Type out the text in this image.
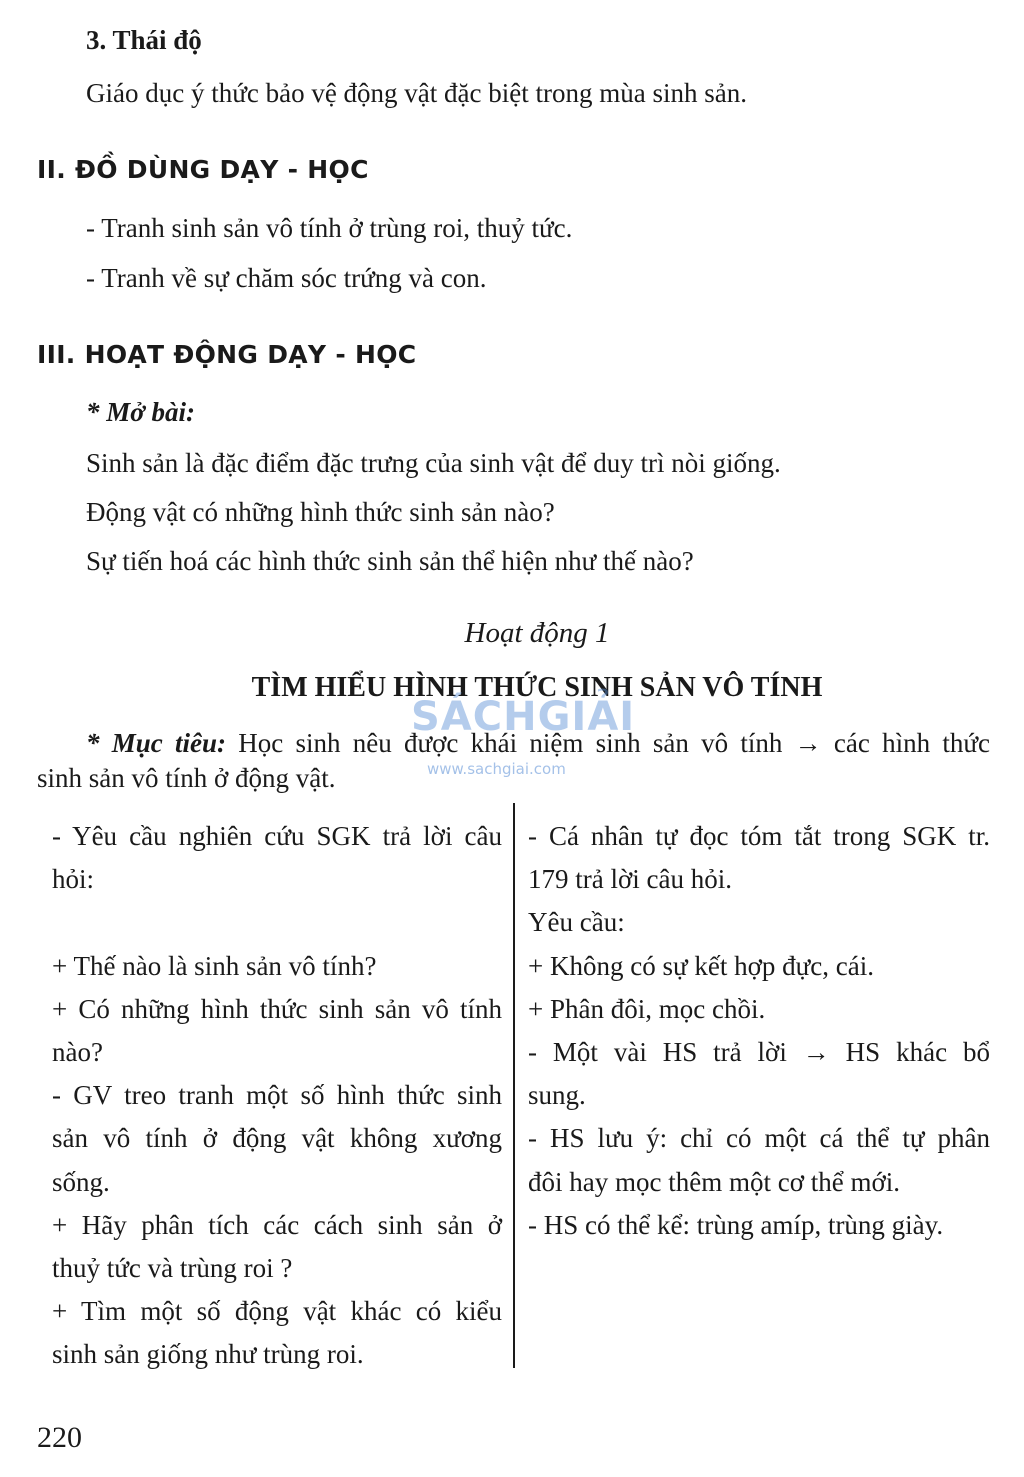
3. Thái độ
Giáo dục ý thức bảo vệ động vật đặc biệt trong mùa sinh sản.
II. ĐỒ DÙNG DẠY - HỌC
- Tranh sinh sản vô tính ở trùng roi, thuỷ tức.
- Tranh về sự chăm sóc trứng và con.
III. HOẠT ĐỘNG DẠY - HỌC
* Mở bài:
Sinh sản là đặc điểm đặc trưng của sinh vật để duy trì nòi giống.
Động vật có những hình thức sinh sản nào?
Sự tiến hoá các hình thức sinh sản thể hiện như thế nào?
Hoạt động 1
TÌM HIỂU HÌNH THỨC SINH SẢN VÔ TÍNH
SÁCHGIẢI
www.sachgiai.com
* Mục tiêu: Học sinh nêu được khái niệm sinh sản vô tính → các hình thức
sinh sản vô tính ở động vật.
- Yêu cầu nghiên cứu SGK trả lời câu
hỏi:
+ Thế nào là sinh sản vô tính?
+ Có những hình thức sinh sản vô tính
nào?
- GV treo tranh một số hình thức sinh
sản vô tính ở động vật không xương
sống.
+ Hãy phân tích các cách sinh sản ở
thuỷ tức và trùng roi ?
+ Tìm một số động vật khác có kiểu
sinh sản giống như trùng roi.
- Cá nhân tự đọc tóm tắt trong SGK tr.
179 trả lời câu hỏi.
Yêu cầu:
+ Không có sự kết hợp đực, cái.
+ Phân đôi, mọc chồi.
- Một vài HS trả lời → HS khác bổ
sung.
- HS lưu ý: chỉ có một cá thể tự phân
đôi hay mọc thêm một cơ thể mới.
- HS có thể kể: trùng amíp, trùng giày.
220
